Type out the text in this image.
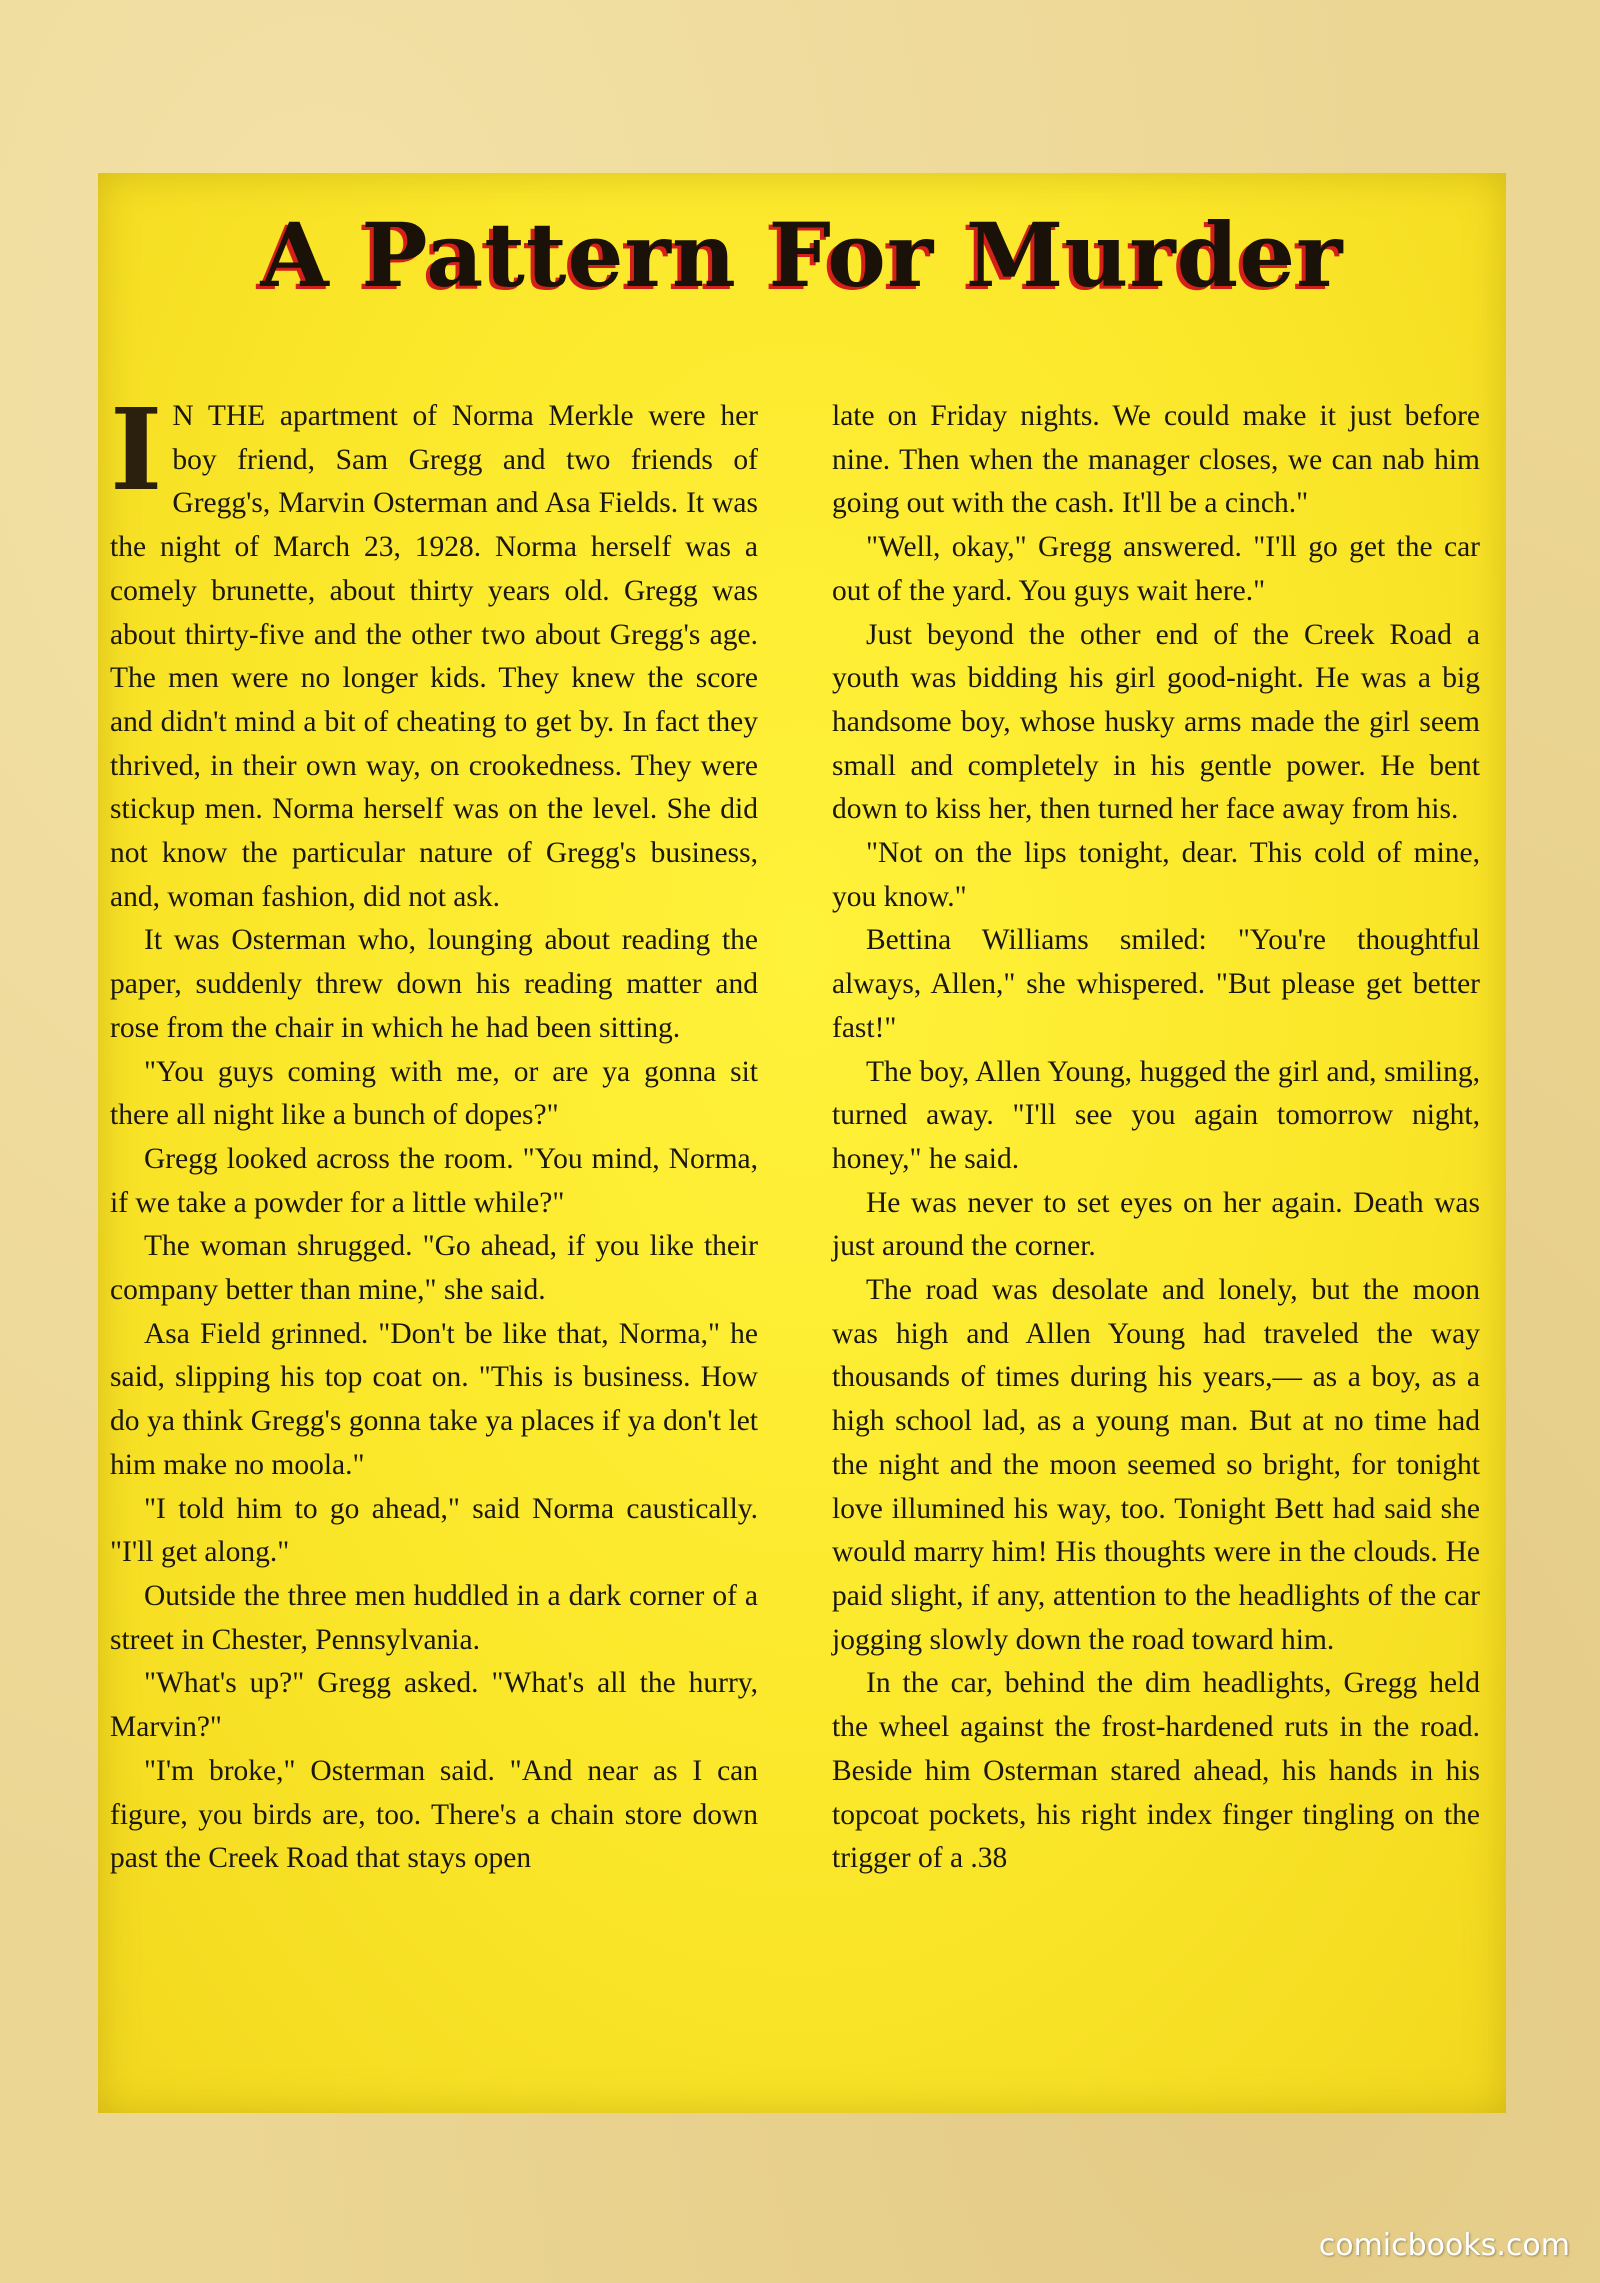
A Pattern For Murder

I N THE apartment of Norma Merkle were her boy friend, Sam Gregg and two friends of Gregg's, Marvin Osterman and Asa Fields. It was the night of March 23, 1928. Norma herself was a comely brunette, about thirty years old. Gregg was about thirty-five and the other two about Gregg's age. The men were no longer kids. They knew the score and didn't mind a bit of cheating to get by. In fact they thrived, in their own way, on crookedness. They were stickup men. Norma herself was on the level. She did not know the particular nature of Gregg's business, and, woman fashion, did not ask.

It was Osterman who, lounging about reading the paper, suddenly threw down his reading matter and rose from the chair in which he had been sitting.

"You guys coming with me, or are ya gonna sit there all night like a bunch of dopes?"

Gregg looked across the room. "You mind, Norma, if we take a powder for a little while?"

The woman shrugged. "Go ahead, if you like their company better than mine," she said.

Asa Field grinned. "Don't be like that, Norma," he said, slipping his top coat on. "This is business. How do ya think Gregg's gonna take ya places if ya don't let him make no moola."

"I told him to go ahead," said Norma caustically. "I'll get along."

Outside the three men huddled in a dark corner of a street in Chester, Pennsylvania.

"What's up?" Gregg asked. "What's all the hurry, Marvin?"

"I'm broke," Osterman said. "And near as I can figure, you birds are, too. There's a chain store down past the Creek Road that stays open

late on Friday nights. We could make it just before nine. Then when the manager closes, we can nab him going out with the cash. It'll be a cinch."

"Well, okay," Gregg answered. "I'll go get the car out of the yard. You guys wait here."

Just beyond the other end of the Creek Road a youth was bidding his girl good-night. He was a big handsome boy, whose husky arms made the girl seem small and completely in his gentle power. He bent down to kiss her, then turned her face away from his.

"Not on the lips tonight, dear. This cold of mine, you know."

Bettina Williams smiled: "You're thoughtful always, Allen," she whispered. "But please get better fast!"

The boy, Allen Young, hugged the girl and, smiling, turned away. "I'll see you again tomorrow night, honey," he said.

He was never to set eyes on her again. Death was just around the corner.

The road was desolate and lonely, but the moon was high and Allen Young had traveled the way thousands of times during his years,— as a boy, as a high school lad, as a young man. But at no time had the night and the moon seemed so bright, for tonight love illumined his way, too. Tonight Bett had said she would marry him! His thoughts were in the clouds. He paid slight, if any, attention to the headlights of the car jogging slowly down the road toward him.

In the car, behind the dim headlights, Gregg held the wheel against the frost-hardened ruts in the road. Beside him Osterman stared ahead, his hands in his topcoat pockets, his right index finger tingling on the trigger of a .38

comicbooks.com
